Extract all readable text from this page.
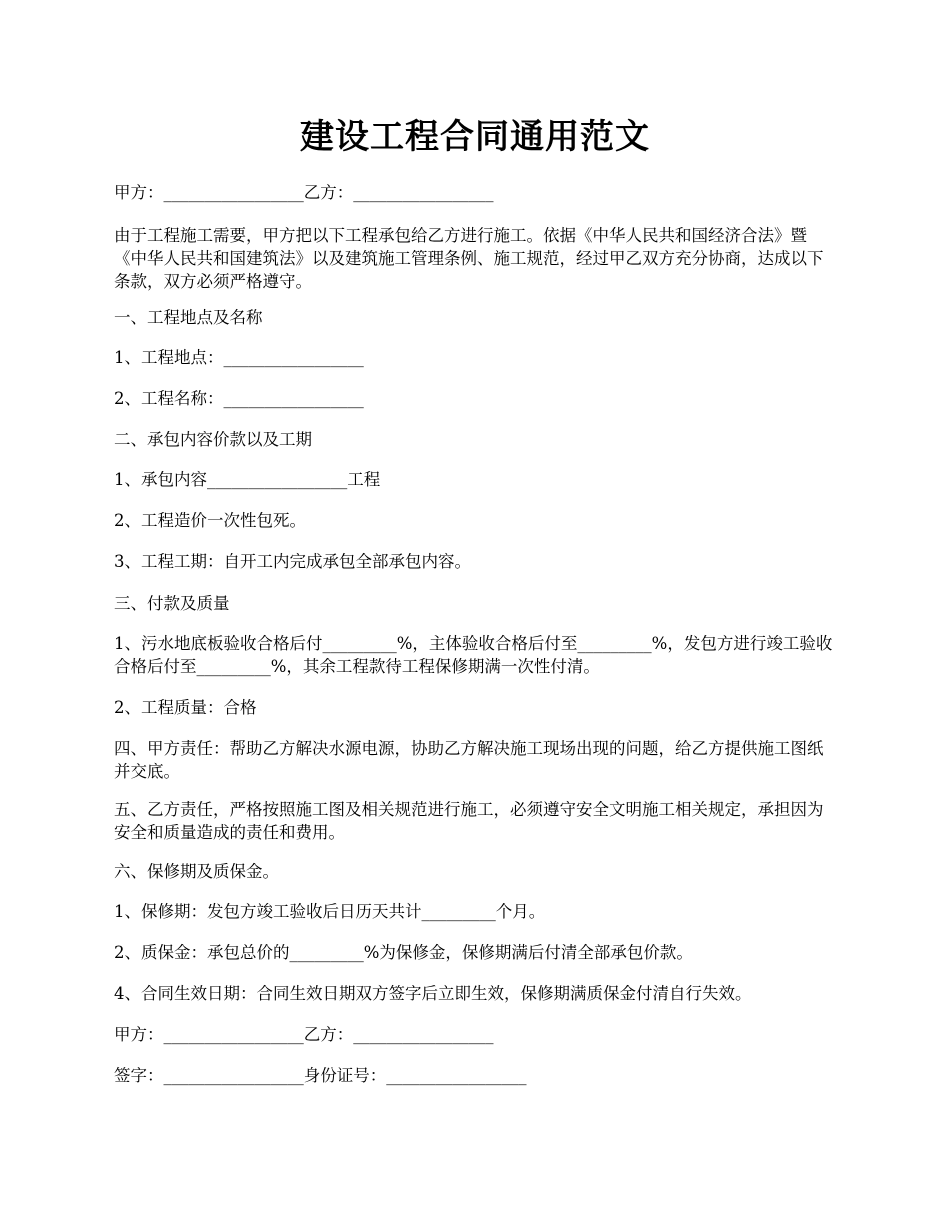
建设工程合同通用范文
甲方：_________________乙方：_________________
由于工程施工需要，甲方把以下工程承包给乙方进行施工。依据《中华人民共和国经济合法》暨《中华人民共和国建筑法》以及建筑施工管理条例、施工规范，经过甲乙双方充分协商，达成以下条款，双方必须严格遵守。
一、工程地点及名称
1、工程地点：_________________
2、工程名称：_________________
二、承包内容价款以及工期
1、承包内容_________________工程
2、工程造价一次性包死。
3、工程工期：自开工内完成承包全部承包内容。
三、付款及质量
1、污水地底板验收合格后付_________%，主体验收合格后付至_________%，发包方进行竣工验收合格后付至_________%，其余工程款待工程保修期满一次性付清。
2、工程质量：合格
四、甲方责任：帮助乙方解决水源电源，协助乙方解决施工现场出现的问题，给乙方提供施工图纸并交底。
五、乙方责任，严格按照施工图及相关规范进行施工，必须遵守安全文明施工相关规定，承担因为安全和质量造成的责任和费用。
六、保修期及质保金。
1、保修期：发包方竣工验收后日历天共计_________个月。
2、质保金：承包总价的_________%为保修金，保修期满后付清全部承包价款。
4、合同生效日期：合同生效日期双方签字后立即生效，保修期满质保金付清自行失效。
甲方：_________________乙方：_________________
签字：_________________身份证号：_________________
